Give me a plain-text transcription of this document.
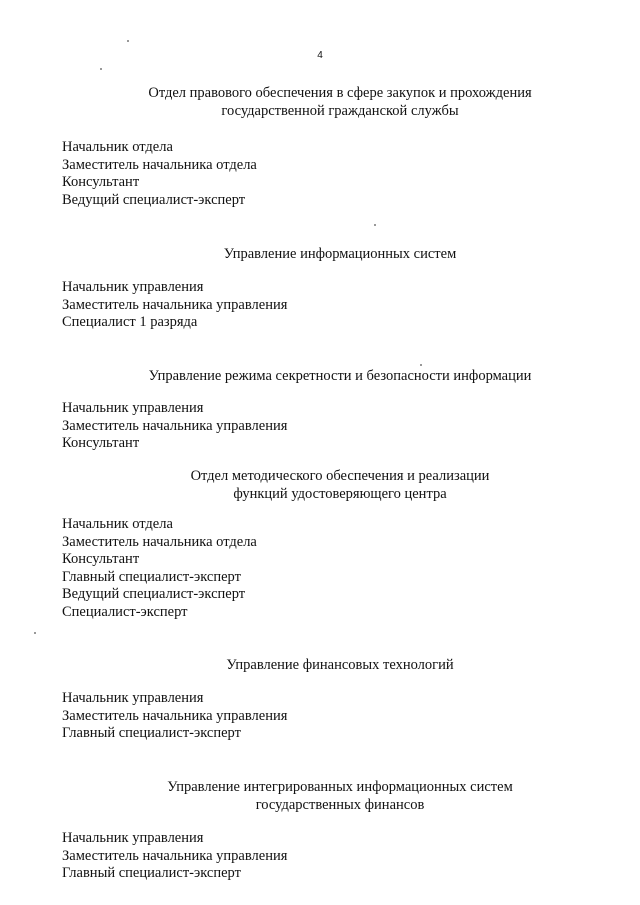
4
Отдел правового обеспечения в сфере закупок и прохождения
государственной гражданской службы
Начальник отдела
Заместитель начальника отдела
Консультант
Ведущий специалист-эксперт
Управление информационных систем
Начальник управления
Заместитель начальника управления
Специалист 1 разряда
Управление режима секретности и безопасности информации
Начальник управления
Заместитель начальника управления
Консультант
Отдел методического обеспечения и реализации
функций удостоверяющего центра
Начальник отдела
Заместитель начальника отдела
Консультант
Главный специалист-эксперт
Ведущий специалист-эксперт
Специалист-эксперт
Управление финансовых технологий
Начальник управления
Заместитель начальника управления
Главный специалист-эксперт
Управление интегрированных информационных систем
государственных финансов
Начальник управления
Заместитель начальника управления
Главный специалист-эксперт
